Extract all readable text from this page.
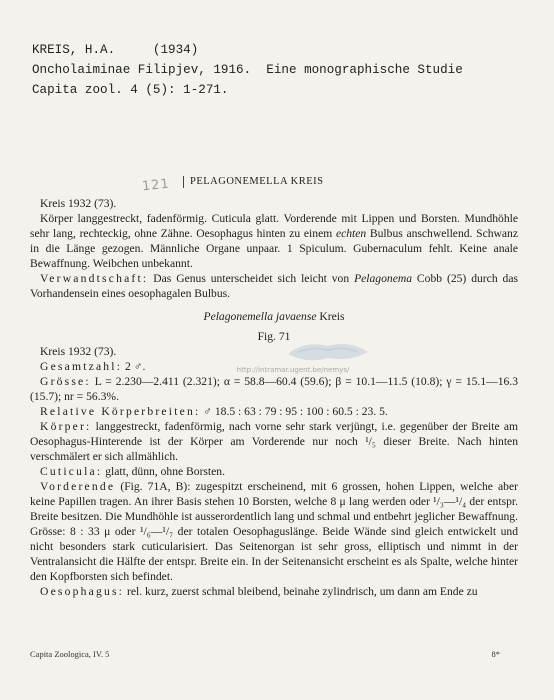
KREIS, H.A.     (1934)
Oncholaiminae Filipjev, 1916.  Eine monographische Studie
Capita zool. 4 (5): 1-271.
121	PELAGONEMELLA KREIS
http://intramar.ugent.be/nemys/

Kreis 1932 (73).

Körper langgestreckt, fadenförmig. Cuticula glatt. Vorderende mit Lippen und Borsten. Mundhöhle sehr lang, rechteckig, ohne Zähne. Oesophagus hinten zu einem echten Bulbus anschwellend. Schwanz in die Länge gezogen. Männliche Organe unpaar. 1 Spiculum. Gubernaculum fehlt. Keine anale Bewaffnung. Weibchen unbekannt.

Verwandtschaft: Das Genus unterscheidet sich leicht von Pelagonema Cobb (25) durch das Vorhandensein eines oesophagalen Bulbus.

Pelagonemella javaense Kreis

Fig. 71

Kreis 1932 (73).

Gesamtzahl: 2 ♂.

Grösse: L = 2.230—2.411 (2.321); α = 58.8—60.4 (59.6); β = 10.1—11.5 (10.8); γ = 15.1—16.3 (15.7); nr = 56.3%.

Relative Körperbreiten: ♂ 18.5 : 63 : 79 : 95 : 100 : 60.5 : 23. 5.

Körper: langgestreckt, fadenförmig, nach vorne sehr stark verjüngt, i.e. gegenüber der Breite am Oesophagus-Hinterende ist der Körper am Vorderende nur noch ¹/₅ dieser Breite. Nach hinten verschmälert er sich allmählich.

Cuticula: glatt, dünn, ohne Borsten.

Vorderende (Fig. 71A, B): zugespitzt erscheinend, mit 6 grossen, hohen Lippen, welche aber keine Papillen tragen. An ihrer Basis stehen 10 Borsten, welche 8 μ lang werden oder ¹/₃—¹/₄ der entspr. Breite besitzen. Die Mundhöhle ist ausserordentlich lang und schmal und entbehrt jeglicher Bewaffnung. Grösse: 8 : 33 μ oder ¹/₆—¹/₇ der totalen Oesophaguslänge. Beide Wände sind gleich entwickelt und nicht besonders stark cuticularisiert. Das Seitenorgan ist sehr gross, elliptisch und nimmt in der Ventralansicht die Hälfte der entspr. Breite ein. In der Seitenansicht erscheint es als Spalte, welche hinter den Kopfborsten sich befindet.

Oesophagus: rel. kurz, zuerst schmal bleibend, beinahe zylindrisch, um dann am Ende zu

Capita Zoologica, IV. 5	8*
